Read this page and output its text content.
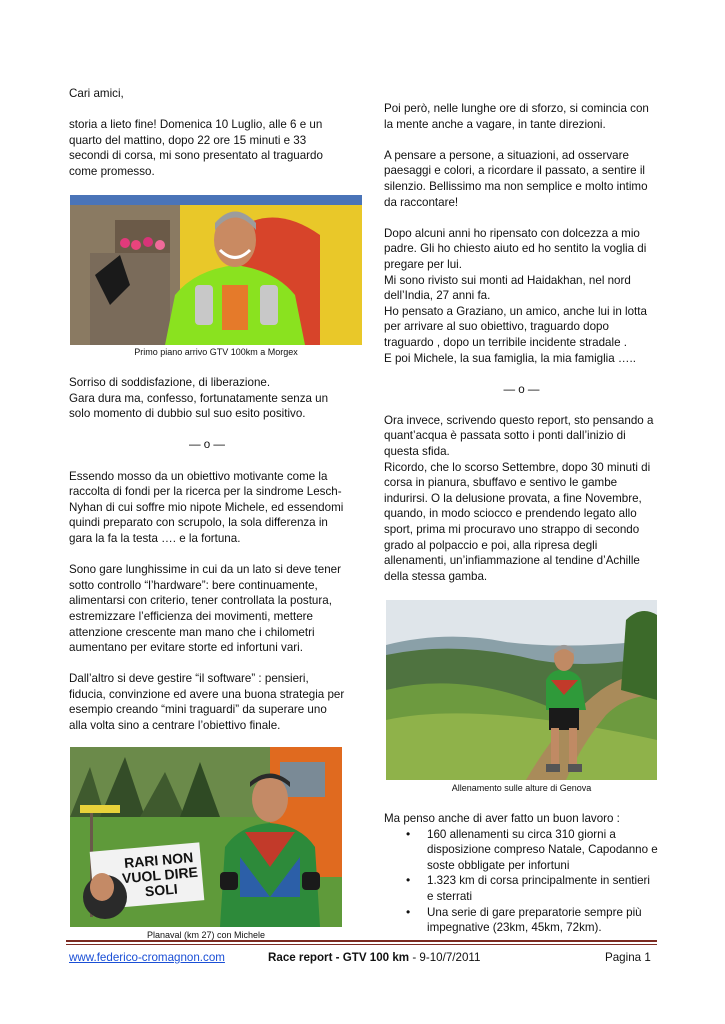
Cari amici,

storia a lieto fine! Domenica 10 Luglio, alle 6 e un quarto del mattino, dopo 22 ore 15 minuti e 33 secondi di corsa, mi sono presentato al traguardo come promesso.

Primo piano arrivo GTV 100km a Morgex

Sorriso di soddisfazione, di liberazione.

Gara dura ma, confesso, fortunatamente senza un solo momento di dubbio sul suo esito positivo.

— o —

Essendo mosso da un obiettivo motivante come la raccolta di fondi per la ricerca per la sindrome Lesch-Nyhan di cui soffre mio nipote Michele, ed essendomi quindi preparato con scrupolo, la sola differenza in gara la fa la testa …. e la fortuna.

Sono gare lunghissime in cui da un lato si deve tener sotto controllo “l’hardware”: bere continuamente, alimentarsi con criterio, tener controllata la postura, estremizzare l’efficienza dei movimenti, mettere attenzione crescente man mano che i chilometri aumentano per evitare storte ed infortuni vari.

Dall’altro si deve gestire “il software” : pensieri, fiducia, convinzione ed avere una buona strategia per esempio creando “mini traguardi” da superare uno alla volta sino a centrare l’obiettivo finale.

RARI NON VUOL DIRE SOLI
Planaval (km 27) con Michele

Poi però, nelle lunghe ore di sforzo, si comincia con la mente anche a vagare, in tante direzioni.

A pensare a persone, a situazioni, ad osservare paesaggi e colori, a ricordare il passato, a sentire il silenzio. Bellissimo ma non semplice e molto intimo da raccontare!

Dopo alcuni anni ho ripensato con dolcezza a mio padre. Gli ho chiesto aiuto ed ho sentito la voglia di pregare per lui.

Mi sono rivisto sui monti ad Haidakhan, nel nord dell’India, 27 anni fa.

Ho pensato a Graziano, un amico, anche lui in lotta per arrivare al suo obiettivo, traguardo dopo traguardo , dopo un terribile incidente stradale .

E poi Michele, la sua famiglia, la mia famiglia …..

— o —

Ora invece, scrivendo questo report, sto pensando a quant’acqua è passata sotto i ponti dall’inizio di questa sfida.

Ricordo, che lo scorso Settembre, dopo 30 minuti di corsa in pianura, sbuffavo e sentivo le gambe indurirsi. O la delusione provata, a fine Novembre, quando, in modo sciocco e prendendo legato allo sport, prima mi procuravo uno strappo di secondo grado al polpaccio e poi, alla ripresa degli allenamenti, un’infiammazione al tendine d’Achille della stessa gamba.

Allenamento sulle alture di Genova

Ma penso anche di aver fatto un buon lavoro :

• 160 allenamenti su circa 310 giorni a disposizione compreso Natale, Capodanno e soste obbligate per infortuni
• 1.323 km di corsa principalmente in sentieri e sterrati
• Una serie di gare preparatorie sempre più impegnative (23km, 45km, 72km).
www.federico-cromagnon.com	Race report - GTV 100 km - 9-10/7/2011	Pagina 1
